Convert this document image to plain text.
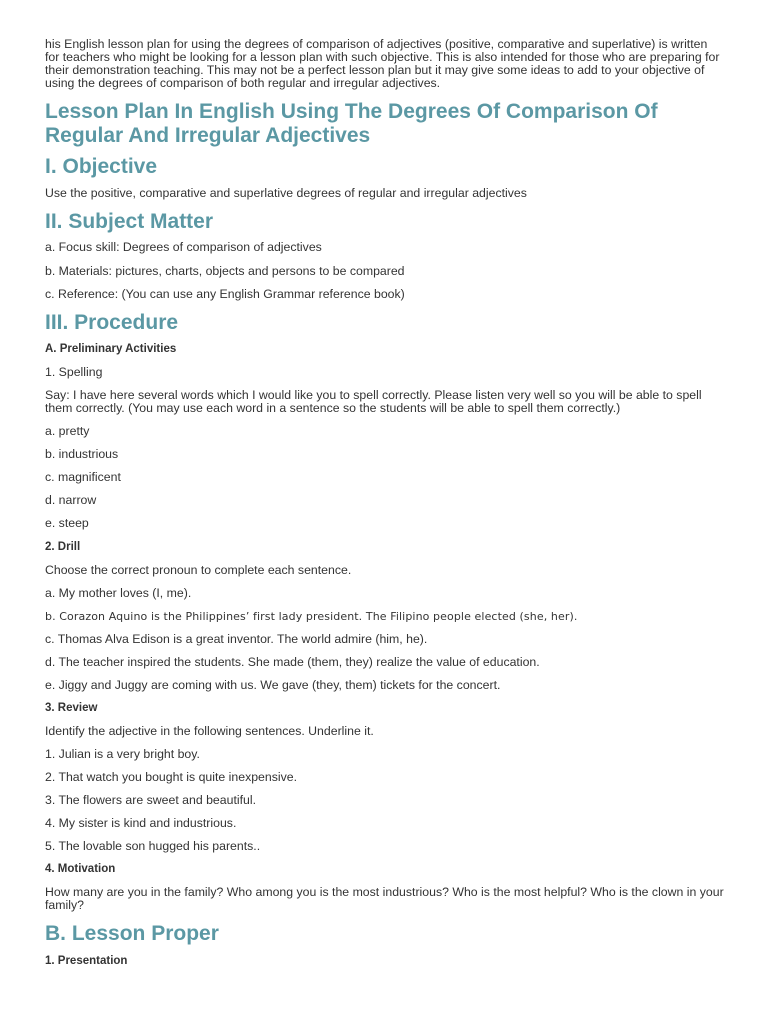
his English lesson plan for using the degrees of comparison of adjectives (positive, comparative and superlative) is written for teachers who might be looking for a lesson plan with such objective. This is also intended for those who are preparing for their demonstration teaching. This may not be a perfect lesson plan but it may give some ideas to add to your objective of using the degrees of comparison of both regular and irregular adjectives.

Lesson Plan In English Using The Degrees Of Comparison Of Regular And Irregular Adjectives
I. Objective

Use the positive, comparative and superlative degrees of regular and irregular adjectives

II. Subject Matter

a. Focus skill: Degrees of comparison of adjectives

b. Materials: pictures, charts, objects and persons to be compared

c. Reference: (You can use any English Grammar reference book)

III. Procedure

A. Preliminary Activities

1. Spelling

Say: I have here several words which I would like you to spell correctly. Please listen very well so you will be able to spell them correctly. (You may use each word in a sentence so the students will be able to spell them correctly.)

a. pretty

b. industrious

c. magnificent

d. narrow

e. steep

2. Drill

Choose the correct pronoun to complete each sentence.

a. My mother loves (I, me).

b. Corazon Aquino is the Philippines’ first lady president. The Filipino people elected (she, her).

c. Thomas Alva Edison is a great inventor. The world admire (him, he).

d. The teacher inspired the students. She made (them, they) realize the value of education.

e. Jiggy and Juggy are coming with us. We gave (they, them) tickets for the concert.

3. Review

Identify the adjective in the following sentences. Underline it.

1. Julian is a very bright boy.

2. That watch you bought is quite inexpensive.

3. The flowers are sweet and beautiful.

4. My sister is kind and industrious.

5. The lovable son hugged his parents..

4. Motivation

How many are you in the family? Who among you is the most industrious? Who is the most helpful? Who is the clown in your family?

B. Lesson Proper

1. Presentation
